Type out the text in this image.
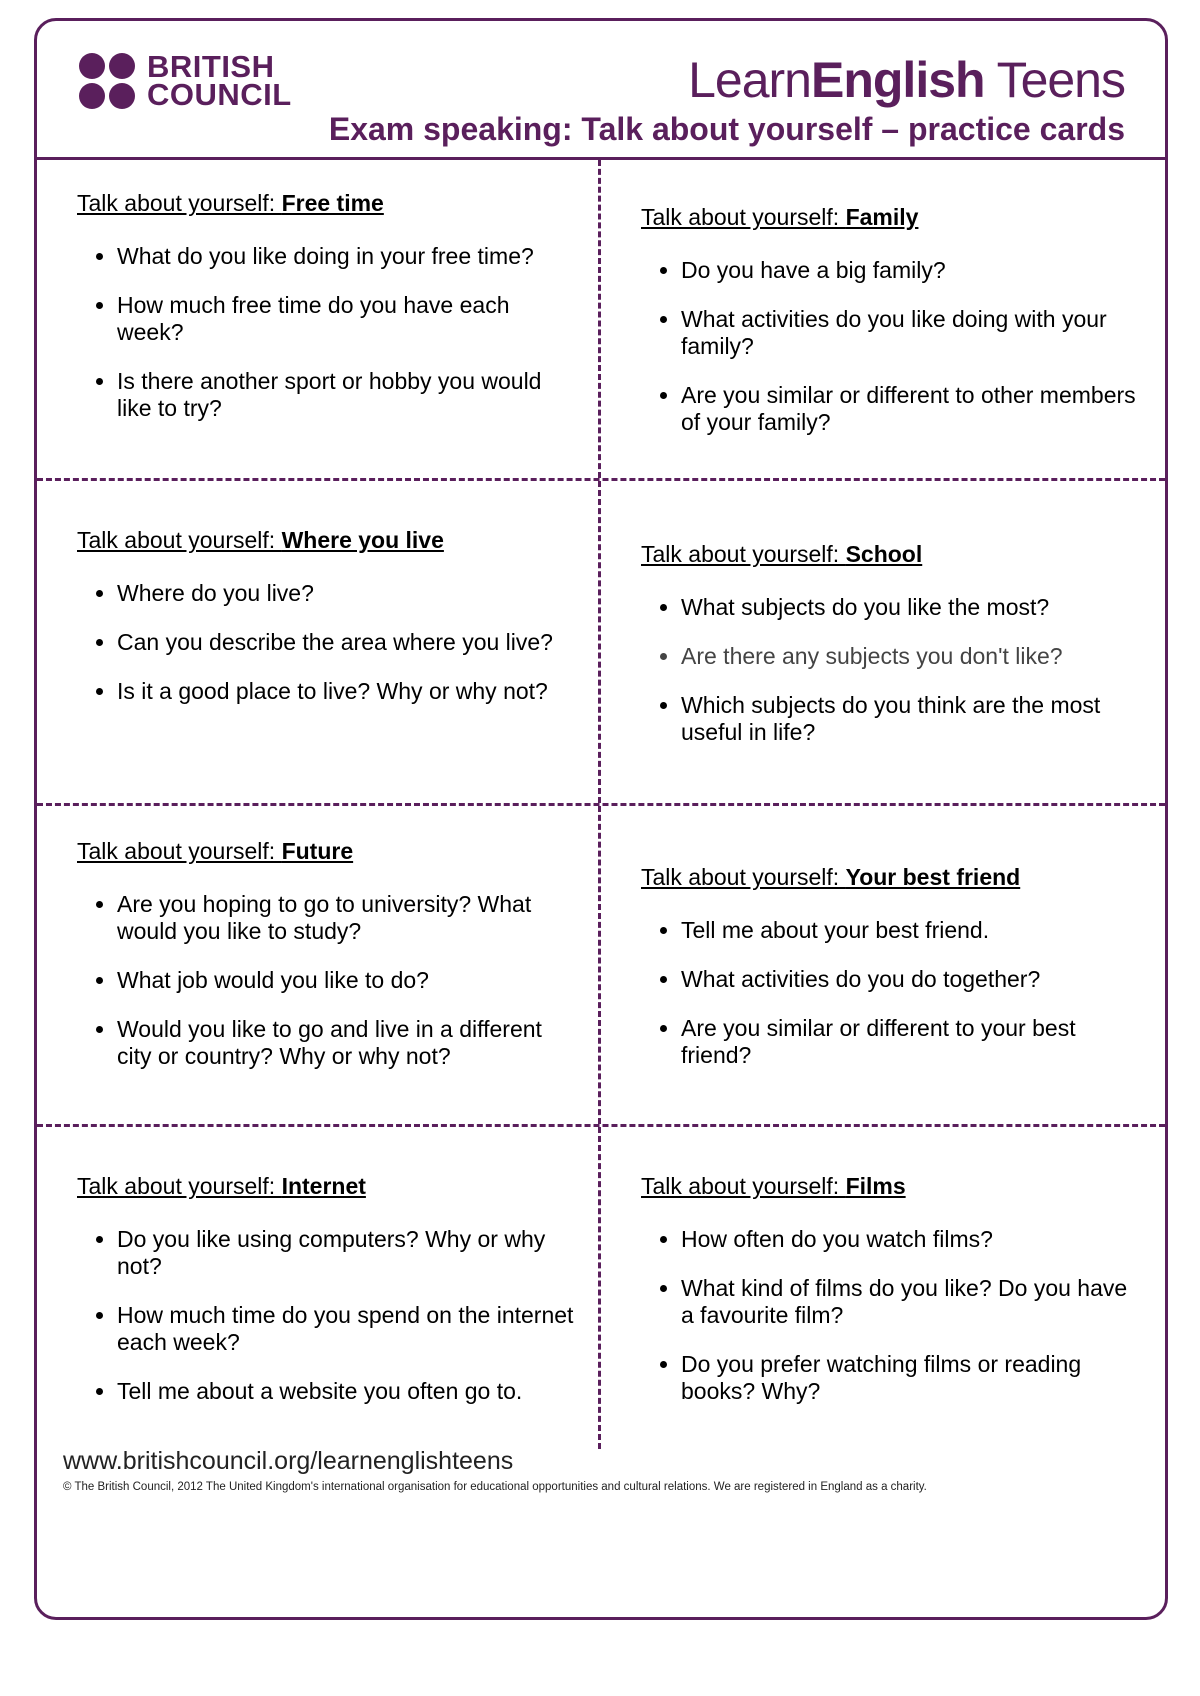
BRITISH
COUNCIL	LearnEnglish Teens
Exam speaking: Talk about yourself – practice cards
Talk about yourself: Free time
• What do you like doing in your free time?
• How much free time do you have each week?
• Is there another sport or hobby you would like to try?
Talk about yourself: Family
• Do you have a big family?
• What activities do you like doing with your family?
• Are you similar or different to other members of your family?
Talk about yourself: Where you live
• Where do you live?
• Can you describe the area where you live?
• Is it a good place to live? Why or why not?
Talk about yourself: School
• What subjects do you like the most?
• Are there any subjects you don't like?
• Which subjects do you think are the most useful in life?
Talk about yourself: Future
• Are you hoping to go to university? What would you like to study?
• What job would you like to do?
• Would you like to go and live in a different city or country? Why or why not?
Talk about yourself: Your best friend
• Tell me about your best friend.
• What activities do you do together?
• Are you similar or different to your best friend?
Talk about yourself: Internet
• Do you like using computers? Why or why not?
• How much time do you spend on the internet each week?
• Tell me about a website you often go to.
Talk about yourself: Films
• How often do you watch films?
• What kind of films do you like? Do you have a favourite film?
• Do you prefer watching films or reading books? Why?
www.britishcouncil.org/learnenglishteens
© The British Council, 2012 The United Kingdom's international organisation for educational opportunities and cultural relations. We are registered in England as a charity.
